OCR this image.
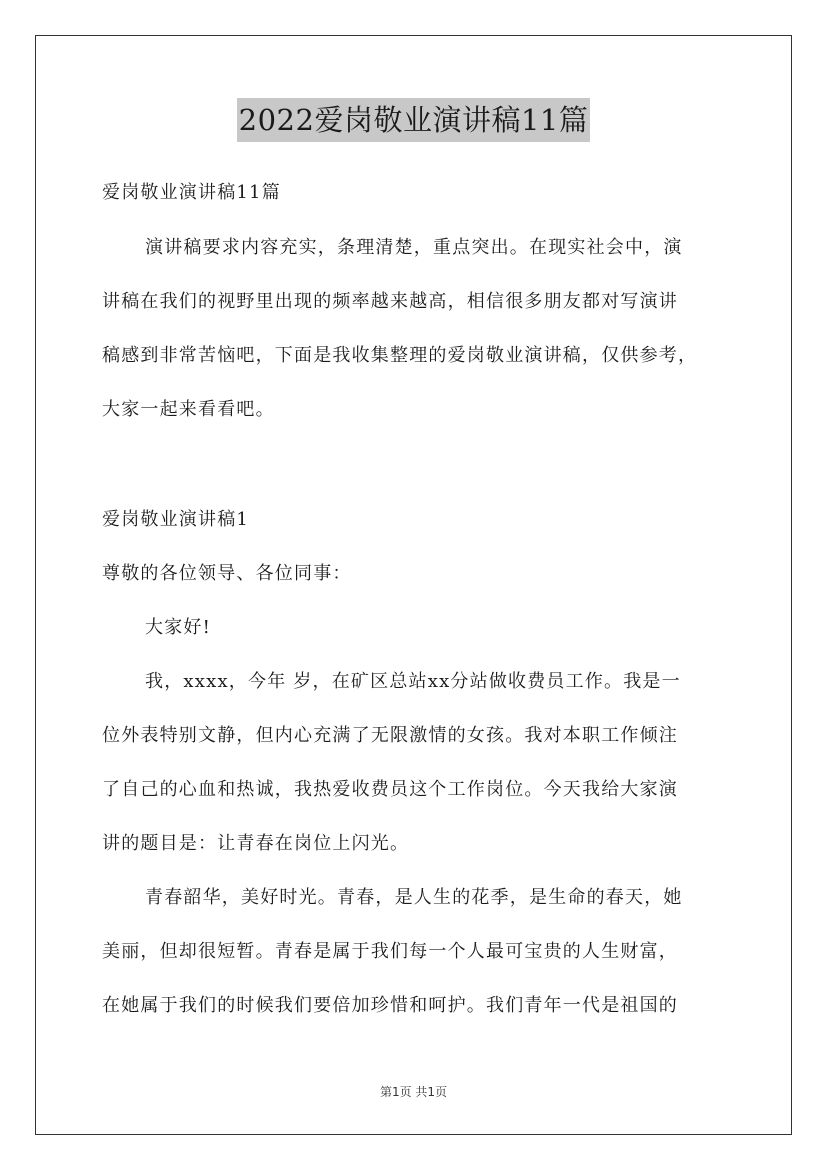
2022爱岗敬业演讲稿11篇
爱岗敬业演讲稿11篇
演讲稿要求内容充实，条理清楚，重点突出。在现实社会中，演
讲稿在我们的视野里出现的频率越来越高，相信很多朋友都对写演讲
稿感到非常苦恼吧，下面是我收集整理的爱岗敬业演讲稿，仅供参考，
大家一起来看看吧。
爱岗敬业演讲稿1
尊敬的各位领导、各位同事：
大家好!
我，xxxx，今年 岁，在矿区总站xx分站做收费员工作。我是一
位外表特别文静，但内心充满了无限激情的女孩。我对本职工作倾注
了自己的心血和热诚，我热爱收费员这个工作岗位。今天我给大家演
讲的题目是：让青春在岗位上闪光。
青春韶华，美好时光。青春，是人生的花季，是生命的春天，她
美丽，但却很短暂。青春是属于我们每一个人最可宝贵的人生财富，
在她属于我们的时候我们要倍加珍惜和呵护。我们青年一代是祖国的
第1页 共1页
